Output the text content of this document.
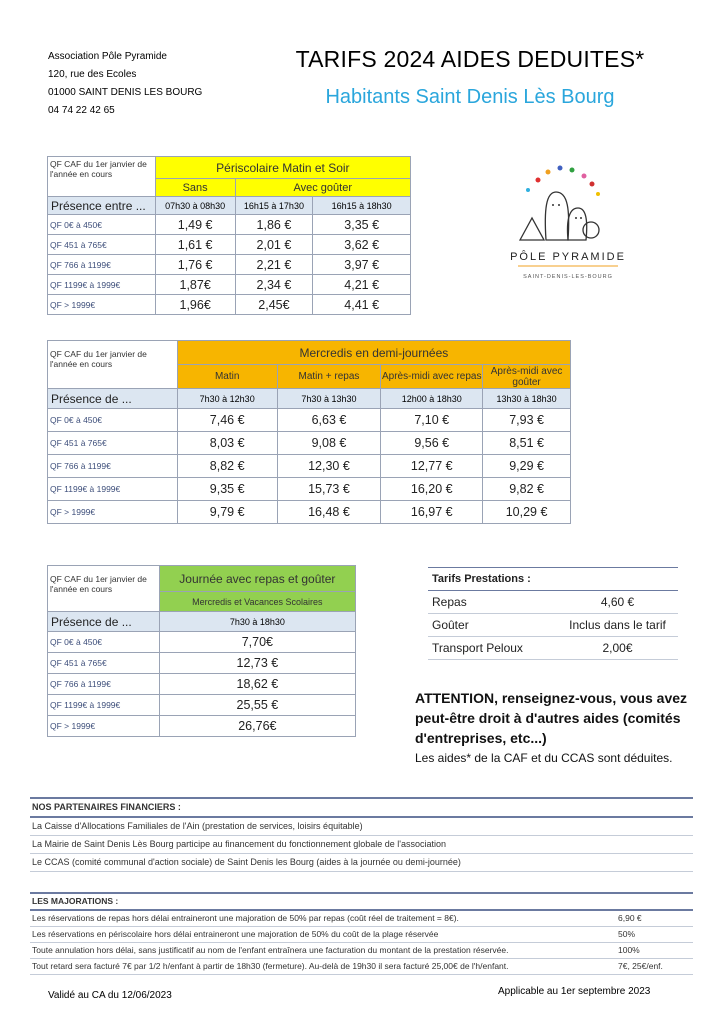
Association Pôle Pyramide
120, rue des Ecoles
01000 SAINT DENIS LES BOURG
04 74 22 42 65
TARIFS 2024 AIDES DEDUITES*
Habitants Saint Denis Lès Bourg
PÔLE PYRAMIDE
SAINT-DENIS-LES-BOURG
QF CAF du 1er janvier de l'année en cours	Périscolaire Matin et Soir		
	Sans	Avec goûter	
Présence entre ...	07h30 à 08h30	16h15 à 17h30	16h15 à 18h30
QF 0€ à 450€	1,49 €	1,86 €	3,35 €
QF 451 à 765€	1,61 €	2,01 €	3,62 €
QF 766 à 1199€	1,76 €	2,21 €	3,97 €
QF 1199€ à 1999€	1,87€	2,34 €	4,21 €
QF > 1999€	1,96€	2,45€	4,41 €
QF CAF du 1er janvier de l'année en cours	Mercredis en demi-journées			
	Matin	Matin + repas	Après-midi avec repas	Après-midi avec goûter
Présence de ...	7h30 à 12h30	7h30 à 13h30	12h00 à 18h30	13h30 à 18h30
QF 0€ à 450€	7,46 €	6,63 €	7,10 €	7,93 €
QF 451 à 765€	8,03 €	9,08 €	9,56 €	8,51 €
QF 766 à 1199€	8,82 €	12,30 €	12,77 €	9,29 €
QF 1199€ à 1999€	9,35 €	15,73 €	16,20 €	9,82 €
QF > 1999€	9,79 €	16,48 €	16,97 €	10,29 €
QF CAF du 1er janvier de l'année en cours	Journée avec repas et goûter
	Mercredis et Vacances Scolaires
Présence de ...	7h30 à 18h30
QF 0€ à 450€	7,70€
QF 451 à 765€	12,73 €
QF 766 à 1199€	18,62 €
QF 1199€ à 1999€	25,55 €
QF > 1999€	26,76€
Tarifs Prestations :	
Repas	4,60 €
Goûter	Inclus dans le tarif
Transport Peloux	2,00€
ATTENTION, renseignez-vous, vous avez peut-être droit à d'autres aides (comités d'entreprises, etc...)
Les aides* de la CAF et du CCAS sont déduites.
NOS PARTENAIRES FINANCIERS :
La Caisse d'Allocations Familiales de l'Ain (prestation de services, loisirs équitable)
La Mairie de Saint Denis Lès Bourg participe au financement du fonctionnement globale de l'association
Le CCAS (comité communal d'action sociale) de Saint Denis les Bourg (aides à la journée ou demi-journée)
LES MAJORATIONS :
Les réservations de repas hors délai entraineront une majoration de 50% par repas (coût réel de traitement = 8€).	6,90 €
Les réservations en périscolaire hors délai entraineront une majoration de 50% du coût de la plage réservée	50%
Toute annulation hors délai, sans justificatif au nom de l'enfant entraînera une facturation du montant de la prestation réservée.	100%
Tout retard sera facturé 7€ par 1/2 h/enfant à partir de 18h30 (fermeture). Au-delà de 19h30 il sera facturé 25,00€ de l'h/enfant.	7€, 25€/enf.
Validé au CA du 12/06/2023	Applicable au 1er septembre 2023
